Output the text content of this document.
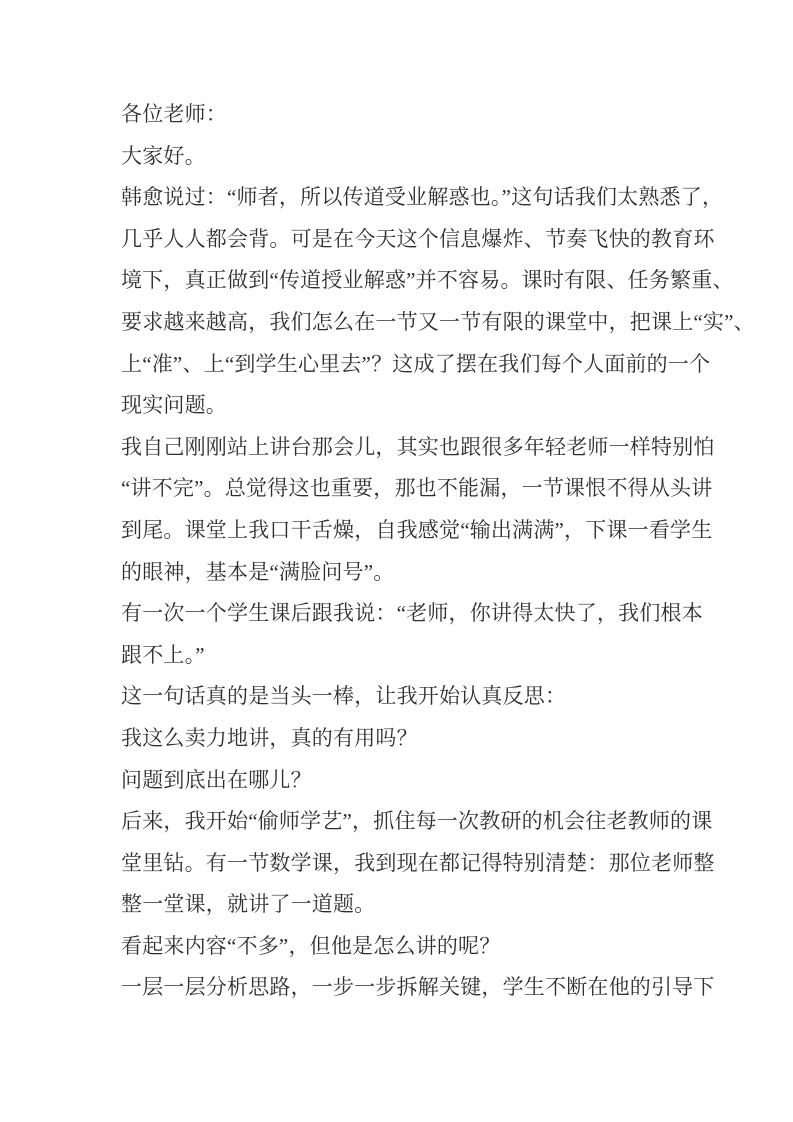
各位老师：
大家好。
韩愈说过：“师者，所以传道受业解惑也。”这句话我们太熟悉了，
几乎人人都会背。可是在今天这个信息爆炸、节奏飞快的教育环
境下，真正做到“传道授业解惑”并不容易。课时有限、任务繁重、
要求越来越高，我们怎么在一节又一节有限的课堂中，把课上“实”、
上“准”、上“到学生心里去”？这成了摆在我们每个人面前的一个
现实问题。
我自己刚刚站上讲台那会儿，其实也跟很多年轻老师一样特别怕
“讲不完”。总觉得这也重要，那也不能漏，一节课恨不得从头讲
到尾。课堂上我口干舌燥，自我感觉“输出满满”，下课一看学生
的眼神，基本是“满脸问号”。
有一次一个学生课后跟我说：“老师，你讲得太快了，我们根本
跟不上。”
这一句话真的是当头一棒，让我开始认真反思：
我这么卖力地讲，真的有用吗？
问题到底出在哪儿？
后来，我开始“偷师学艺”，抓住每一次教研的机会往老教师的课
堂里钻。有一节数学课，我到现在都记得特别清楚：那位老师整
整一堂课，就讲了一道题。
看起来内容“不多”，但他是怎么讲的呢？
一层一层分析思路，一步一步拆解关键，学生不断在他的引导下
